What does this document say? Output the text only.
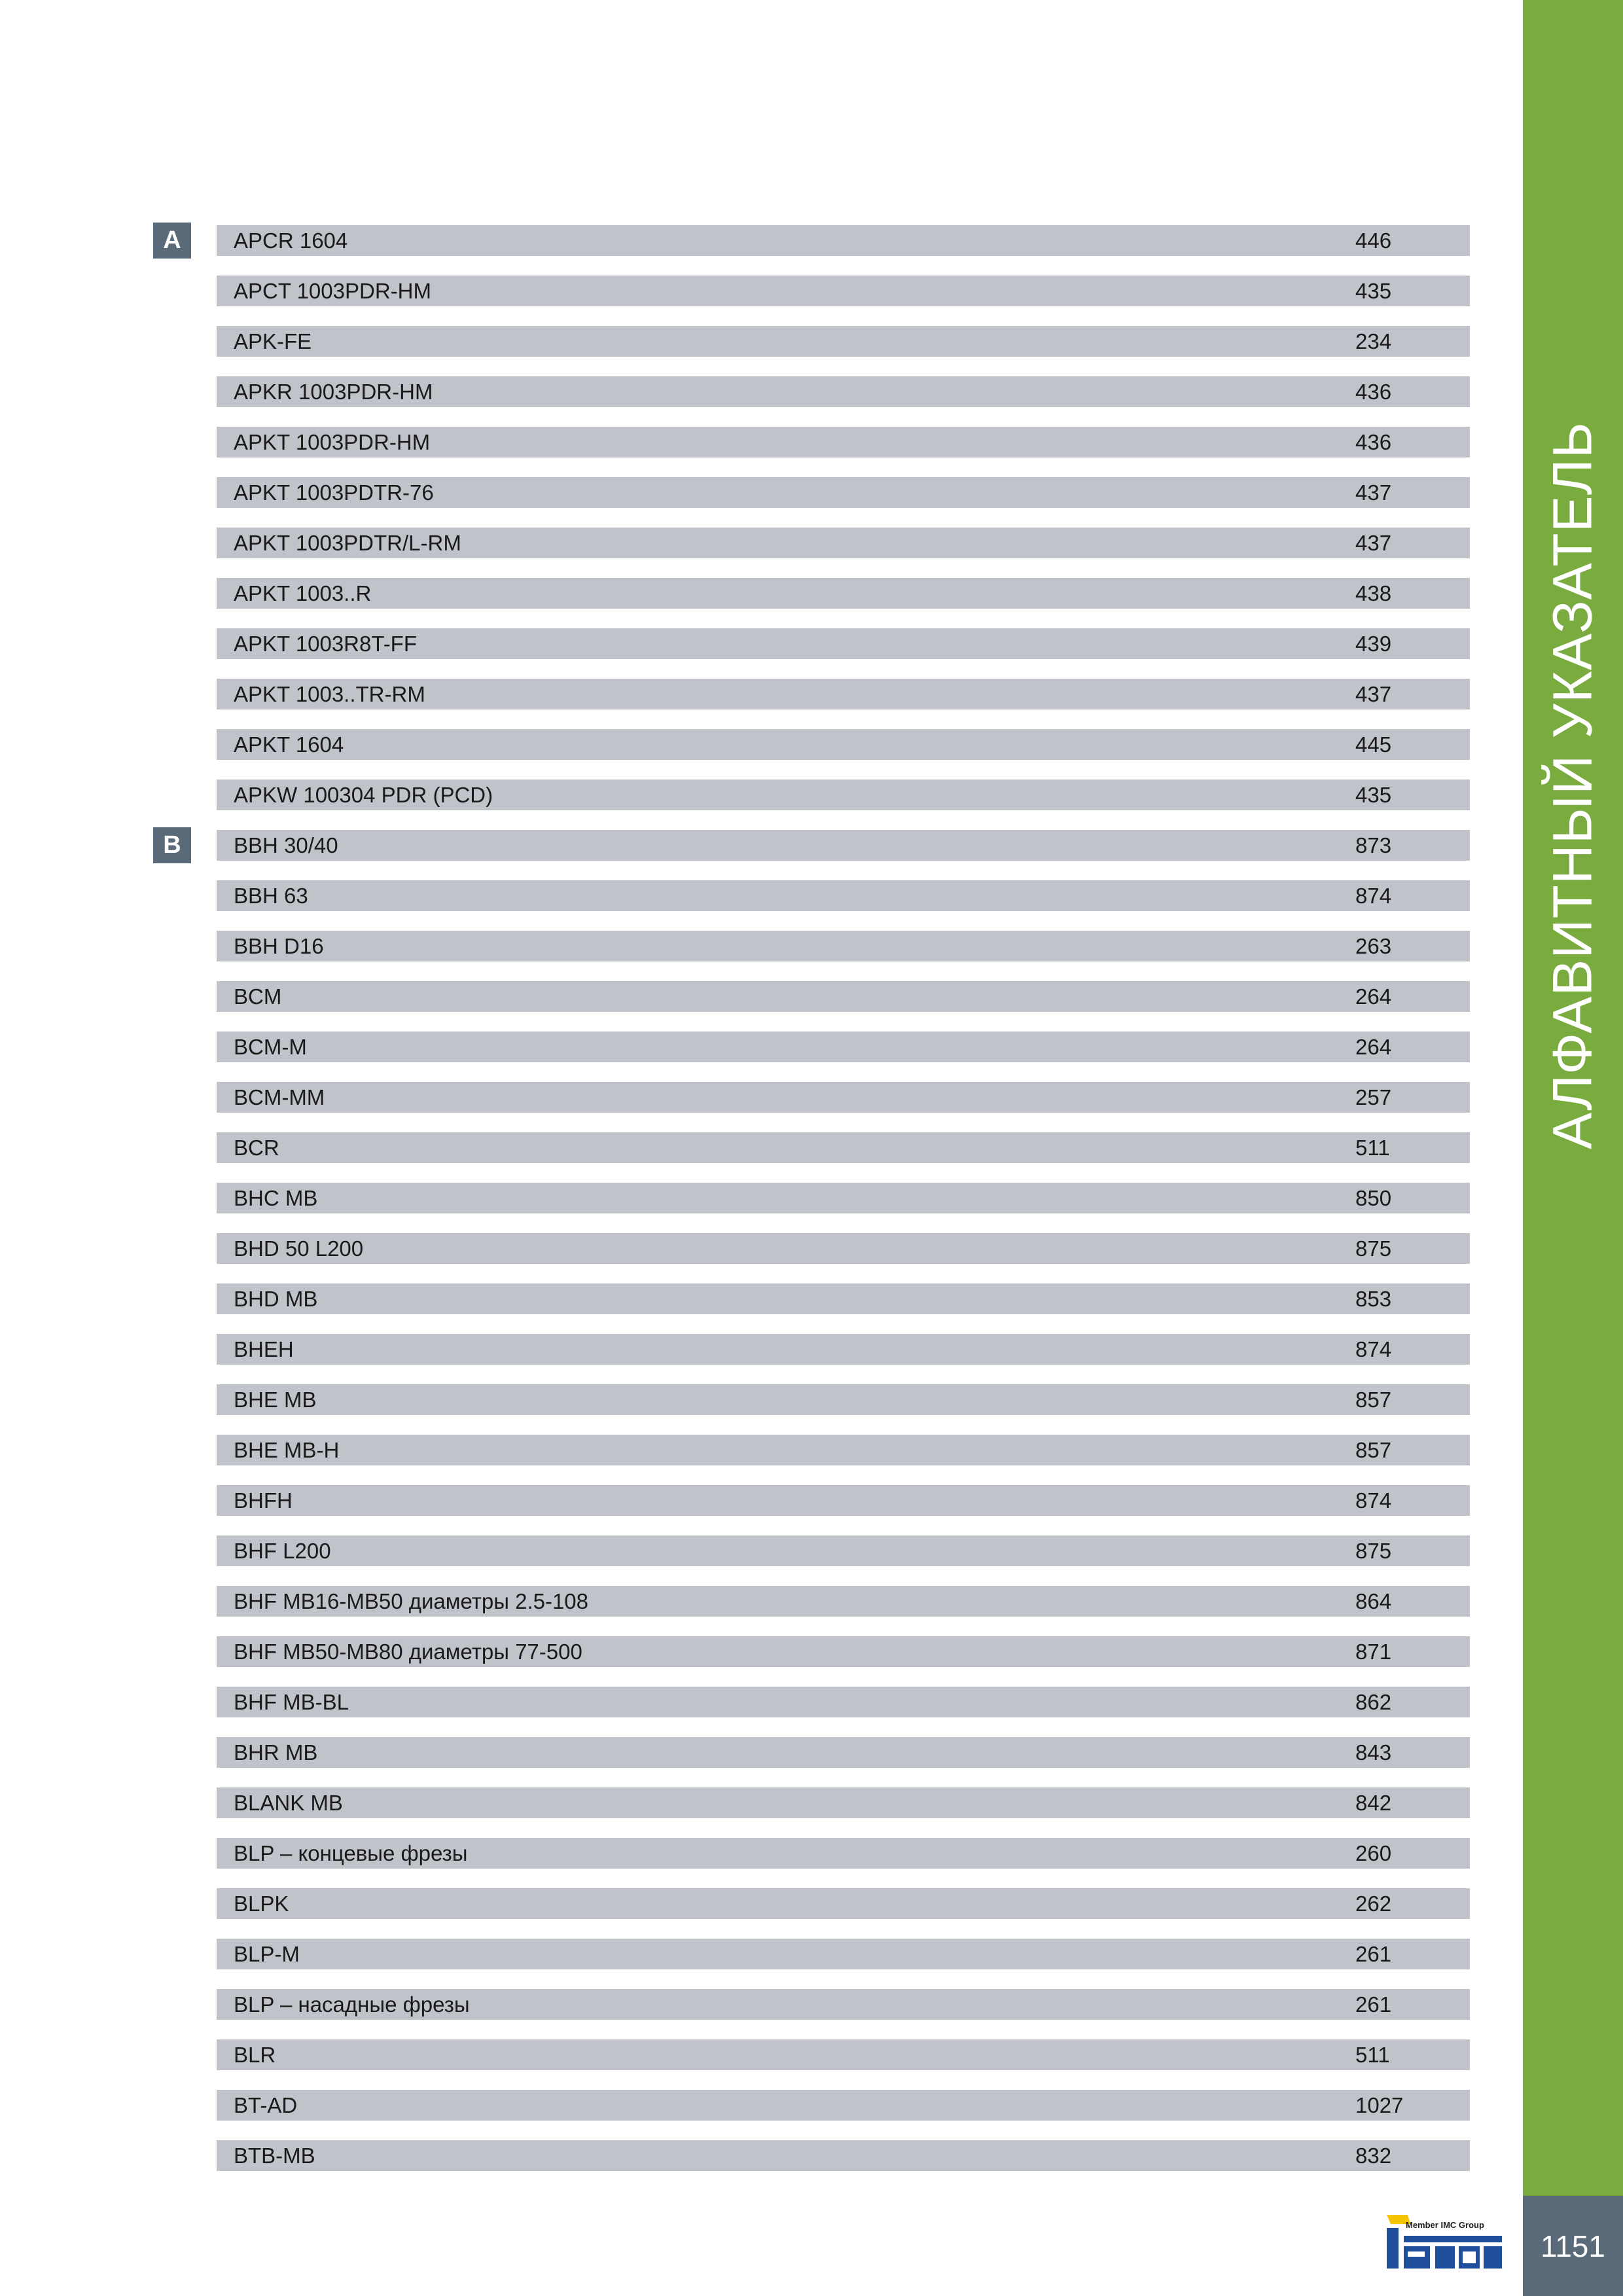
АЛФАВИТНЫЙ УКАЗАТЕЛЬ
1151
A	APCR 1604	446
APCT 1003PDR-HM	435
APK-FE	234
APKR 1003PDR-HM	436
APKT 1003PDR-HM	436
APKT 1003PDTR-76	437
APKT 1003PDTR/L-RM	437
APKT 1003..R	438
APKT 1003R8T-FF	439
APKT 1003..TR-RM	437
APKT 1604	445
APKW 100304 PDR (PCD)	435
B	BBH 30/40	873
BBH 63	874
BBH D16	263
BCM	264
BCM-M	264
BCM-MM	257
BCR	511
BHC MB	850
BHD 50 L200	875
BHD MB	853
BHEH	874
BHE MB	857
BHE MB-H	857
BHFH	874
BHF L200	875
BHF MB16-MB50 диаметры 2.5-108	864
BHF MB50-MB80 диаметры 77-500	871
BHF MB-BL	862
BHR MB	843
BLANK MB	842
BLP – концевые фрезы	260
BLPK	262
BLP-M	261
BLP – насадные фрезы	261
BLR	511
BT-AD	1027
BTB-MB	832
Member IMC Group
